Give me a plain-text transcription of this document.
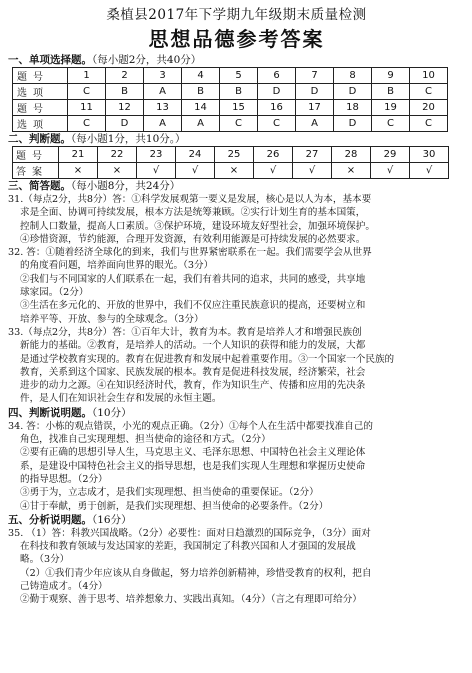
桑植县2017年下学期九年级期末质量检测
思想品德参考答案
一、单项选择题。（每小题2分，共40分）
题号	1	2	3	4	5	6	7	8	9	10
选项	C	B	A	B	B	D	D	D	B	C
题号	11	12	13	14	15	16	17	18	19	20
选项	C	D	A	A	C	C	A	D	C	C
二、判断题。（每小题1分，共10分。）
题号	21	22	23	24	25	26	27	28	29	30
答案	×	×	√	√	×	√	√	×	√	√
三、简答题。（每小题8分，共24分）

31.（每点2分，共8分）答：①科学发展观第一要义是发展，核心是以人为本，基本要

求是全面、协调可持续发展，根本方法是统筹兼顾。②实行计划生育的基本国策，

控制人口数量，提高人口素质。③保护环境，建设环境友好型社会，加强环境保护。

④珍惜资源，节约能源，合理开发资源，有效利用能源是可持续发展的必然要求。

32. 答：①随着经济全球化的到来，我们与世界紧密联系在一起。我们需要学会从世界

的角度看问题，培养面向世界的眼光。（3分）

②我们与不同国家的人们联系在一起，我们有着共同的追求，共同的感受，共享地

球家园。（2分）

③生活在多元化的、开放的世界中，我们不仅应注重民族意识的提高，还要树立和

培养平等、开放、参与的全球观念。（3分）

33.（每点2分，共8分）答：①百年大计，教育为本。教育是培养人才和增强民族创

新能力的基础。②教育，是培养人的活动。一个人知识的获得和能力的发展，大都

是通过学校教育实现的。教育在促进教育和发展中起着重要作用。③一个国家一个民族的

教育，关系到这个国家、民族发展的根本。教育是促进科技发展，经济繁荣，社会

进步的动力之源。④在知识经济时代，教育，作为知识生产、传播和应用的先决条

件，是人们在知识社会生存和发展的永恒主题。

四、判断说明题。（10分）

34. 答：小栋的观点错误，小光的观点正确。（2分）①每个人在生活中都要找准自己的

角色，找准自己实现理想、担当使命的途径和方式。（2分）

②要有正确的思想引导人生，马克思主义、毛泽东思想、中国特色社会主义理论体

系，是建设中国特色社会主义的指导思想，也是我们实现人生理想和掌握历史使命

的指导思想。（2分）

③勇于为，立志成才，是我们实现理想、担当使命的重要保证。（2分）

④甘于奉献，勇于创新，是我们实现理想、担当使命的必要条件。（2分）

五、分析说明题。（16分）

35. （1）答：科教兴国战略。（2分）必要性：面对日趋激烈的国际竞争，（3分）面对

在科技和教育领域与发达国家的差距，我国制定了科教兴国和人才强国的发展战

略。（3分）

（2）①我们青少年应该从自身做起，努力培养创新精神，珍惜受教育的权利，把自

己铸造成才。（4分）

②勤于观察、善于思考、培养想象力、实践出真知。（4分）（言之有理即可给分）
